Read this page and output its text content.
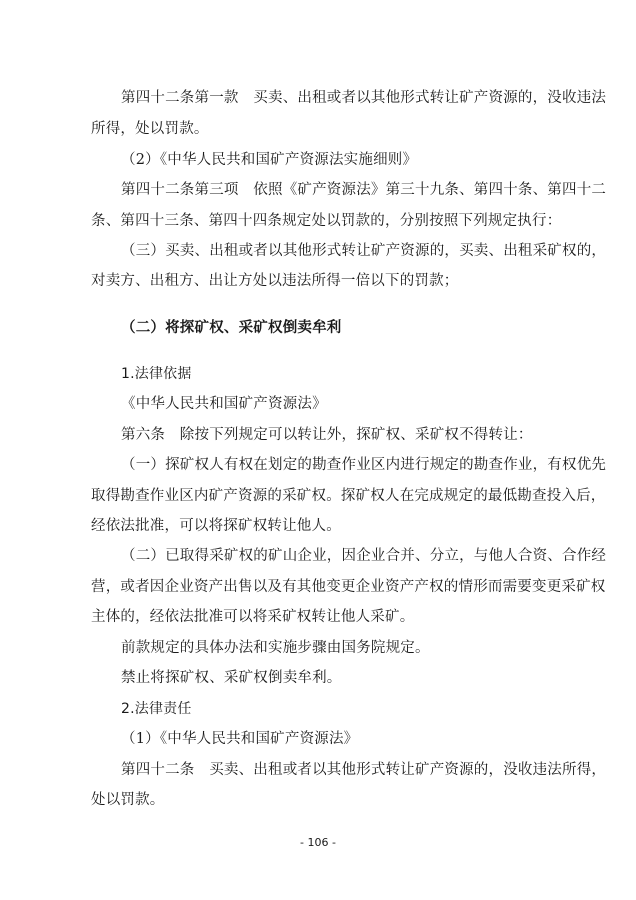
第四十二条第一款　买卖、出租或者以其他形式转让矿产资源的，没收违法
所得，处以罚款。
（2）《中华人民共和国矿产资源法实施细则》
第四十二条第三项　依照《矿产资源法》第三十九条、第四十条、第四十二
条、第四十三条、第四十四条规定处以罚款的，分别按照下列规定执行：
（三）买卖、出租或者以其他形式转让矿产资源的，买卖、出租采矿权的，
对卖方、出租方、出让方处以违法所得一倍以下的罚款；
（二）将探矿权、采矿权倒卖牟利
1.法律依据
《中华人民共和国矿产资源法》
第六条　除按下列规定可以转让外，探矿权、采矿权不得转让：
（一）探矿权人有权在划定的勘查作业区内进行规定的勘查作业，有权优先
取得勘查作业区内矿产资源的采矿权。探矿权人在完成规定的最低勘查投入后，
经依法批准，可以将探矿权转让他人。
（二）已取得采矿权的矿山企业，因企业合并、分立，与他人合资、合作经
营，或者因企业资产出售以及有其他变更企业资产产权的情形而需要变更采矿权
主体的，经依法批准可以将采矿权转让他人采矿。
前款规定的具体办法和实施步骤由国务院规定。
禁止将探矿权、采矿权倒卖牟利。
2.法律责任
（1）《中华人民共和国矿产资源法》
第四十二条　买卖、出租或者以其他形式转让矿产资源的，没收违法所得，
处以罚款。
- 106 -
